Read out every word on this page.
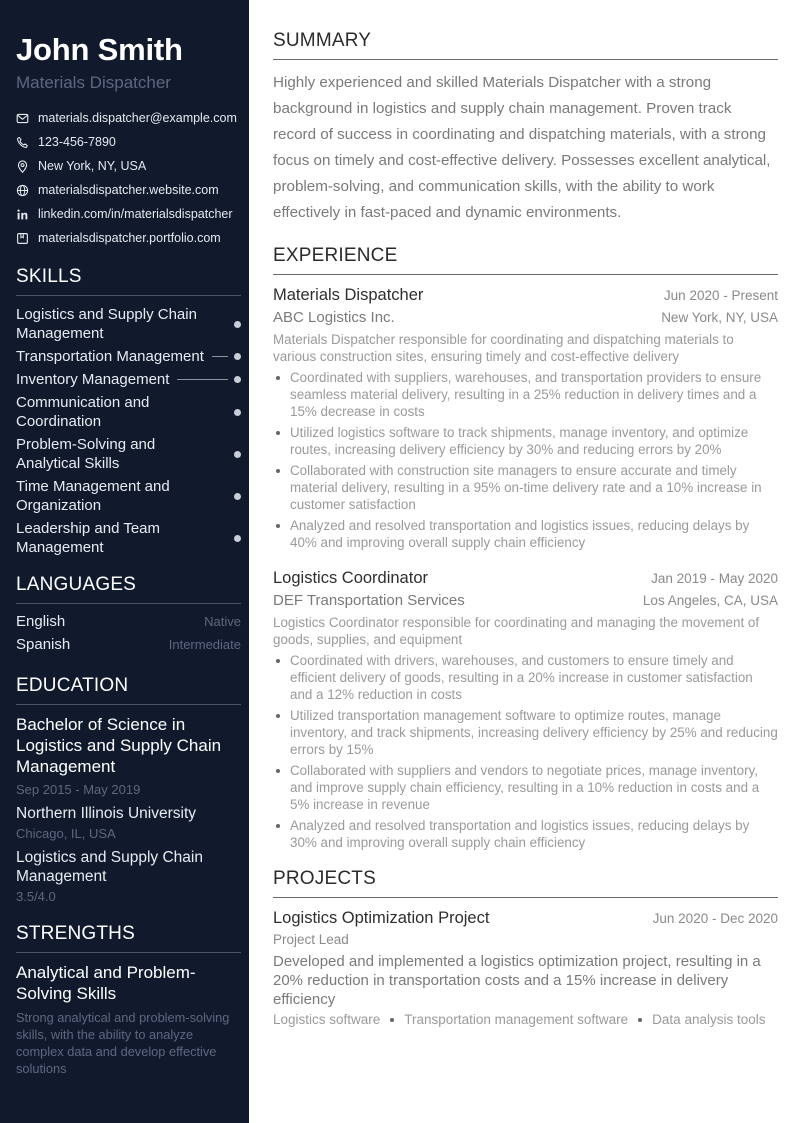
John Smith
Materials Dispatcher
materials.dispatcher@example.com
123-456-7890
New York, NY, USA
materialsdispatcher.website.com
linkedin.com/in/materialsdispatcher
materialsdispatcher.portfolio.com
SKILLS
Logistics and Supply Chain Management
Transportation Management
Inventory Management
Communication and Coordination
Problem-Solving and Analytical Skills
Time Management and Organization
Leadership and Team Management
LANGUAGES
English	Native
Spanish	Intermediate
EDUCATION
Bachelor of Science in Logistics and Supply Chain Management
Sep 2015 - May 2019
Northern Illinois University
Chicago, IL, USA
Logistics and Supply Chain Management
3.5/4.0
STRENGTHS
Analytical and Problem-Solving Skills
Strong analytical and problem-solving skills, with the ability to analyze complex data and develop effective solutions
SUMMARY

Highly experienced and skilled Materials Dispatcher with a strong background in logistics and supply chain management. Proven track record of success in coordinating and dispatching materials, with a strong focus on timely and cost-effective delivery. Possesses excellent analytical, problem-solving, and communication skills, with the ability to work effectively in fast-paced and dynamic environments.

EXPERIENCE
Materials Dispatcher	Jun 2020 - Present
ABC Logistics Inc.	New York, NY, USA
Materials Dispatcher responsible for coordinating and dispatching materials to various construction sites, ensuring timely and cost-effective delivery
Coordinated with suppliers, warehouses, and transportation providers to ensure seamless material delivery, resulting in a 25% reduction in delivery times and a 15% decrease in costs
Utilized logistics software to track shipments, manage inventory, and optimize routes, increasing delivery efficiency by 30% and reducing errors by 20%
Collaborated with construction site managers to ensure accurate and timely material delivery, resulting in a 95% on-time delivery rate and a 10% increase in customer satisfaction
Analyzed and resolved transportation and logistics issues, reducing delays by 40% and improving overall supply chain efficiency
Logistics Coordinator	Jan 2019 - May 2020
DEF Transportation Services	Los Angeles, CA, USA
Logistics Coordinator responsible for coordinating and managing the movement of goods, supplies, and equipment
Coordinated with drivers, warehouses, and customers to ensure timely and efficient delivery of goods, resulting in a 20% increase in customer satisfaction and a 12% reduction in costs
Utilized transportation management software to optimize routes, manage inventory, and track shipments, increasing delivery efficiency by 25% and reducing errors by 15%
Collaborated with suppliers and vendors to negotiate prices, manage inventory, and improve supply chain efficiency, resulting in a 10% reduction in costs and a 5% increase in revenue
Analyzed and resolved transportation and logistics issues, reducing delays by 30% and improving overall supply chain efficiency
PROJECTS
Logistics Optimization Project	Jun 2020 - Dec 2020
Project Lead
Developed and implemented a logistics optimization project, resulting in a 20% reduction in transportation costs and a 15% increase in delivery efficiency
Logistics software Transportation management software Data analysis tools
